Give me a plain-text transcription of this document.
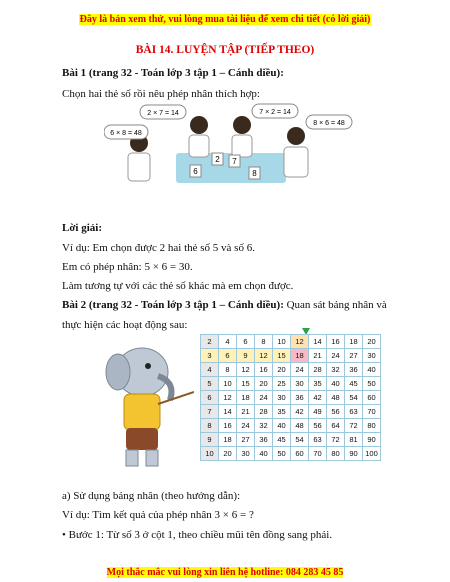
Đây là bản xem thử, vui lòng mua tài liệu để xem chi tiết (có lời giải)
BÀI 14. LUYỆN TẬP (TIẾP THEO)
Bài 1 (trang 32 - Toán lớp 3 tập 1 – Cánh diều):
Chọn hai thẻ số rồi nêu phép nhân thích hợp:
2 × 7 = 14	7 × 2 = 14
6 × 8 = 48
8 × 6 = 48
2 7
6	8
Lời giải:
Ví dụ: Em chọn được 2 hai thẻ số 5 và số 6.
Em có phép nhân: 5 × 6 = 30.
Làm tương tự với các thẻ số khác mà em chọn được.
Bài 2 (trang 32 - Toán lớp 3 tập 1 – Cánh diều): Quan sát bảng nhân và thực hiện các hoạt động sau:
2	4	6	8	10	12	14	16	18	20
3	6	9	12	15	18	21	24	27	30
4	8	12	16	20	24	28	32	36	40
5	10	15	20	25	30	35	40	45	50
6	12	18	24	30	36	42	48	54	60
7	14	21	28	35	42	49	56	63	70
8	16	24	32	40	48	56	64	72	80
9	18	27	36	45	54	63	72	81	90
10	20	30	40	50	60	70	80	90	100
a) Sử dụng bảng nhân (theo hướng dẫn):
Ví dụ: Tìm kết quả của phép nhân 3 × 6 = ?
• Bước 1: Từ số 3 ở cột 1, theo chiều mũi tên đồng sang phải.
Mọi thắc mắc vui lòng xin liên hệ hotline: 084 283 45 85
